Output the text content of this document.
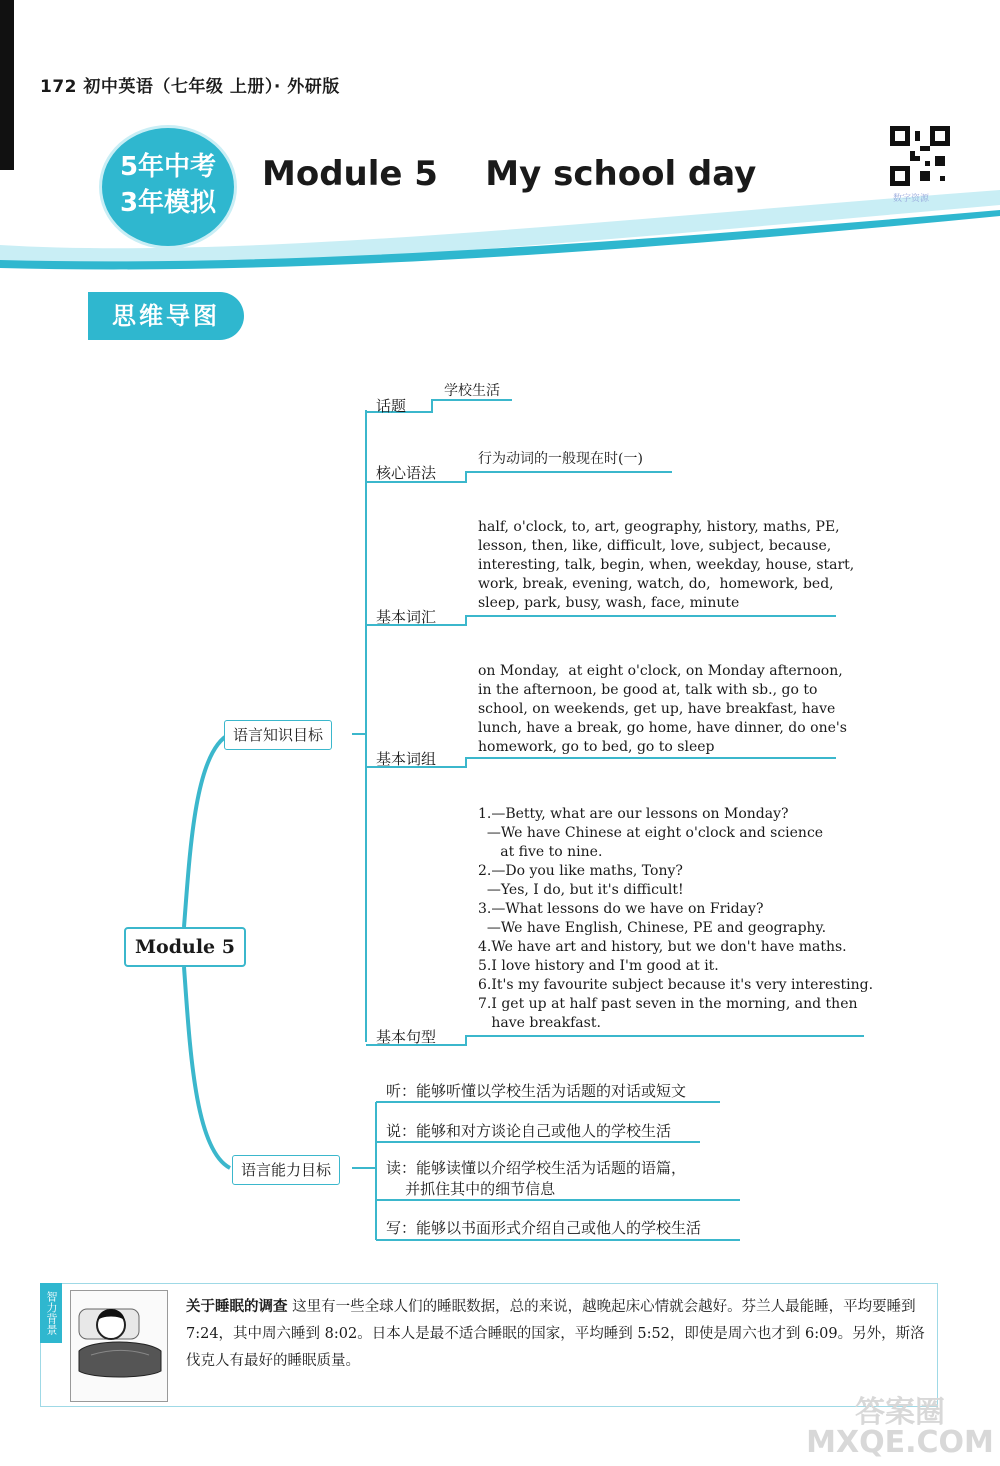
172 初中英语（七年级 上册）· 外研版
5年中考
3年模拟
Module 5    My school day
数字资源
思维导图
Module 5
语言知识目标
语言能力目标
话题
学校生活
核心语法
行为动词的一般现在时(一)
half, o'clock, to, art, geography, history, maths, PE,
lesson, then, like, difficult, love, subject, because,
interesting, talk, begin, when, weekday, house, start,
work, break, evening, watch, do,  homework, bed,
sleep, park, busy, wash, face, minute
基本词汇
on Monday,  at eight o'clock, on Monday afternoon,
in the afternoon, be good at, talk with sb., go to
school, on weekends, get up, have breakfast, have
lunch, have a break, go home, have dinner, do one's
homework, go to bed, go to sleep
基本词组
1.—Betty, what are our lessons on Monday?
—We have Chinese at eight o'clock and science
at five to nine.
2.—Do you like maths, Tony?
—Yes, I do, but it's difficult!
3.—What lessons do we have on Friday?
—We have English, Chinese, PE and geography.
4.We have art and history, but we don't have maths.
5.I love history and I'm good at it.
6.It's my favourite subject because it's very interesting.
7.I get up at half past seven in the morning, and then
have breakfast.
基本句型
听：能够听懂以学校生活为话题的对话或短文
说：能够和对方谈论自己或他人的学校生活
读：能够读懂以介绍学校生活为话题的语篇，
并抓住其中的细节信息
写：能够以书面形式介绍自己或他人的学校生活
智力背景	关于睡眠的调查 这里有一些全球人们的睡眠数据，总的来说，越晚起床心情就会越好。芬兰人最能睡，平均要睡到 7:24，其中周六睡到 8:02。日本人是最不适合睡眠的国家，平均睡到 5:52，即使是周六也才到 6:09。另外，斯洛伐克人有最好的睡眠质量。
答案圈
MXQE.COM
